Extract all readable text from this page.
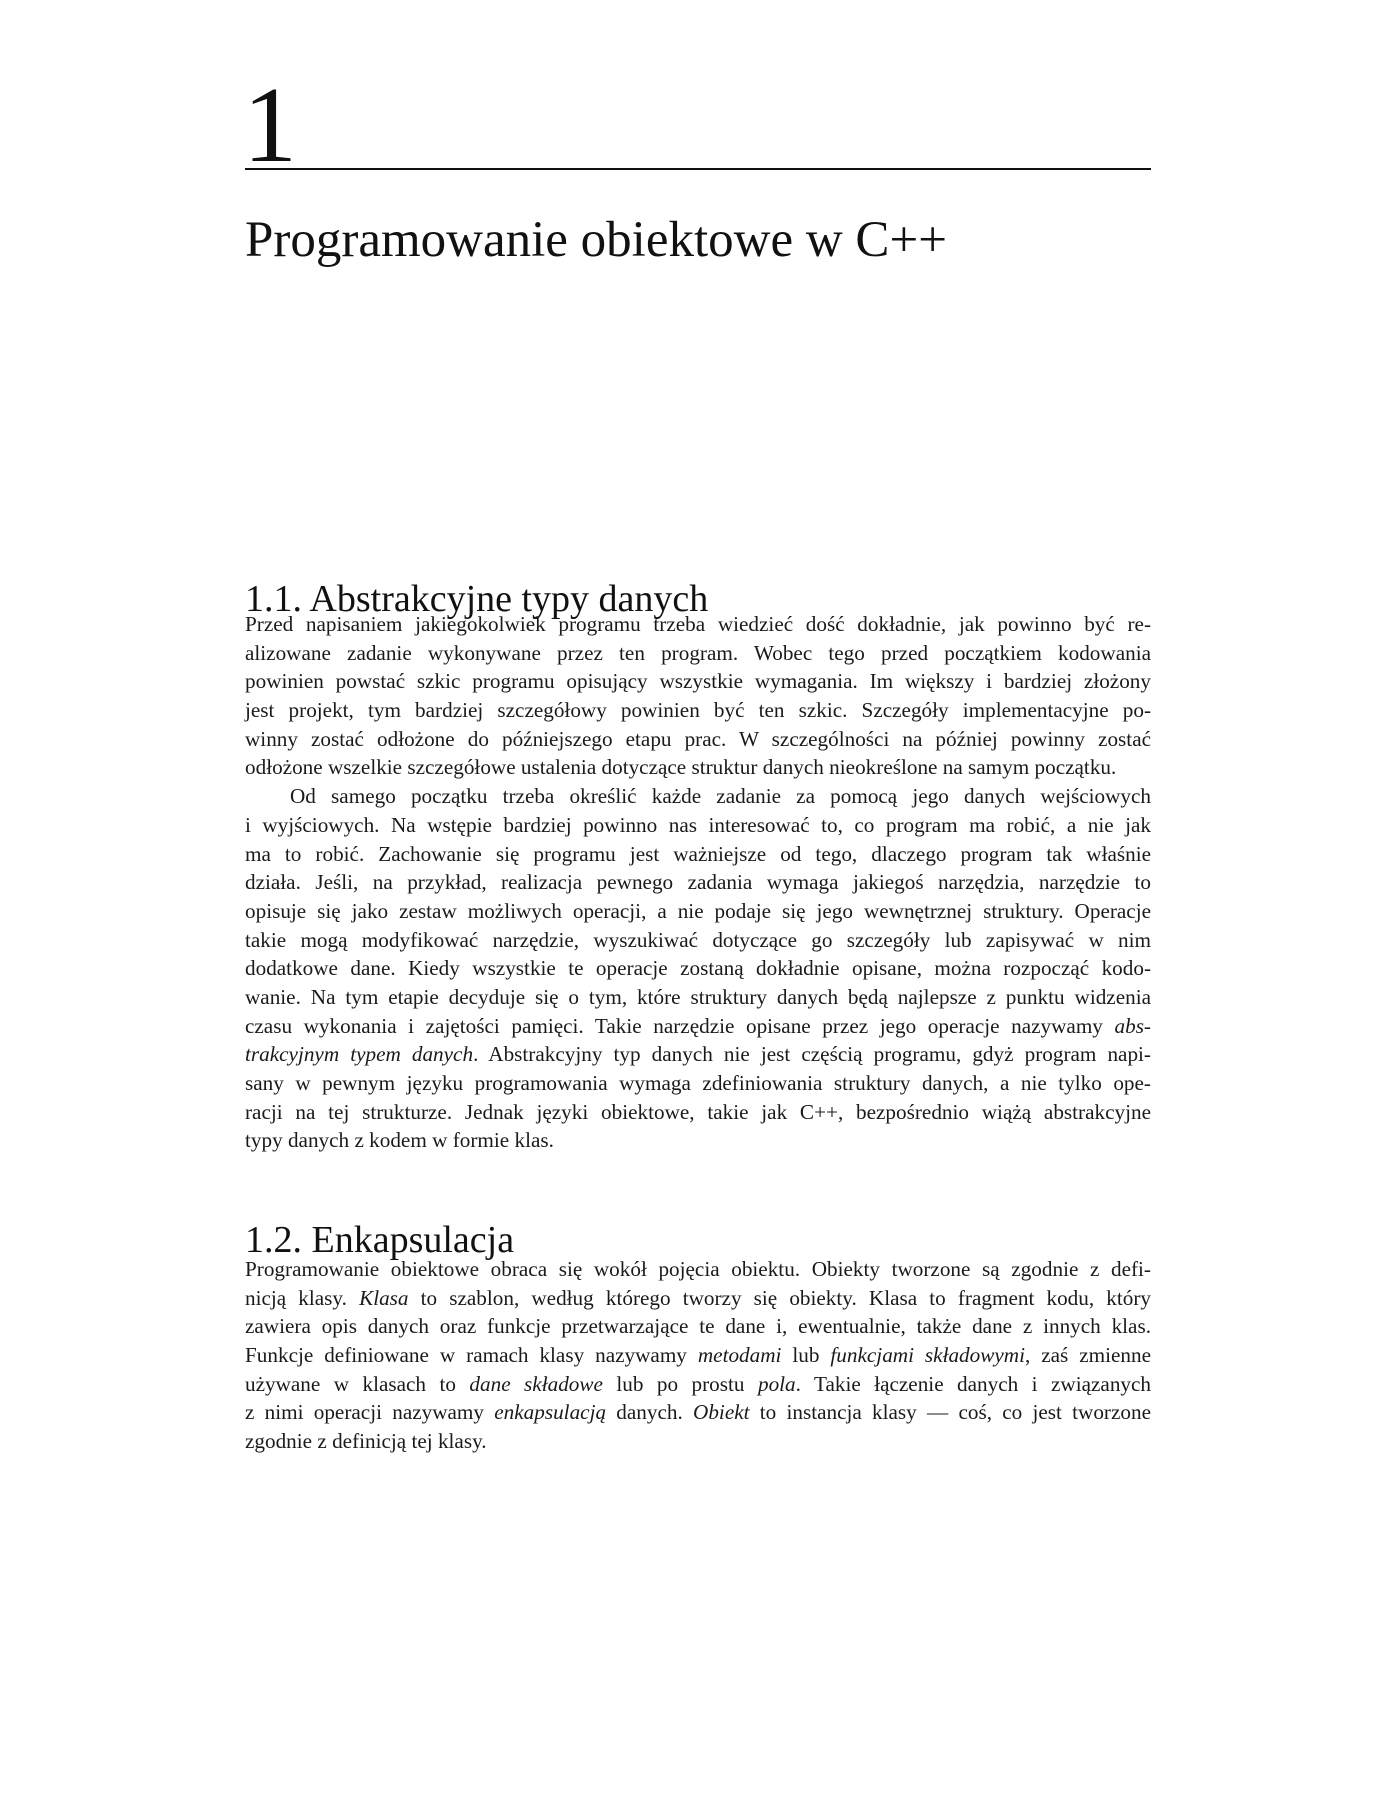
1
Programowanie obiektowe w C++
1.1. Abstrakcyjne typy danych
Przed napisaniem jakiegokolwiek programu trzeba wiedzieć dość dokładnie, jak powinno być re-
alizowane zadanie wykonywane przez ten program. Wobec tego przed początkiem kodowania
powinien powstać szkic programu opisujący wszystkie wymagania. Im większy i bardziej złożony
jest projekt, tym bardziej szczegółowy powinien być ten szkic. Szczegóły implementacyjne po-
winny zostać odłożone do późniejszego etapu prac. W szczególności na później powinny zostać
odłożone wszelkie szczegółowe ustalenia dotyczące struktur danych nieokreślone na samym początku.
Od samego początku trzeba określić każde zadanie za pomocą jego danych wejściowych
i wyjściowych. Na wstępie bardziej powinno nas interesować to, co program ma robić, a nie jak
ma to robić. Zachowanie się programu jest ważniejsze od tego, dlaczego program tak właśnie
działa. Jeśli, na przykład, realizacja pewnego zadania wymaga jakiegoś narzędzia, narzędzie to
opisuje się jako zestaw możliwych operacji, a nie podaje się jego wewnętrznej struktury. Operacje
takie mogą modyfikować narzędzie, wyszukiwać dotyczące go szczegóły lub zapisywać w nim
dodatkowe dane. Kiedy wszystkie te operacje zostaną dokładnie opisane, można rozpocząć kodo-
wanie. Na tym etapie decyduje się o tym, które struktury danych będą najlepsze z punktu widzenia
czasu wykonania i zajętości pamięci. Takie narzędzie opisane przez jego operacje nazywamy abs-
trakcyjnym typem danych. Abstrakcyjny typ danych nie jest częścią programu, gdyż program napi-
sany w pewnym języku programowania wymaga zdefiniowania struktury danych, a nie tylko ope-
racji na tej strukturze. Jednak języki obiektowe, takie jak C++, bezpośrednio wiążą abstrakcyjne
typy danych z kodem w formie klas.
1.2. Enkapsulacja
Programowanie obiektowe obraca się wokół pojęcia obiektu. Obiekty tworzone są zgodnie z defi-
nicją klasy. Klasa to szablon, według którego tworzy się obiekty. Klasa to fragment kodu, który
zawiera opis danych oraz funkcje przetwarzające te dane i, ewentualnie, także dane z innych klas.
Funkcje definiowane w ramach klasy nazywamy metodami lub funkcjami składowymi, zaś zmienne
używane w klasach to dane składowe lub po prostu pola. Takie łączenie danych i związanych
z nimi operacji nazywamy enkapsulacją danych. Obiekt to instancja klasy — coś, co jest tworzone
zgodnie z definicją tej klasy.
